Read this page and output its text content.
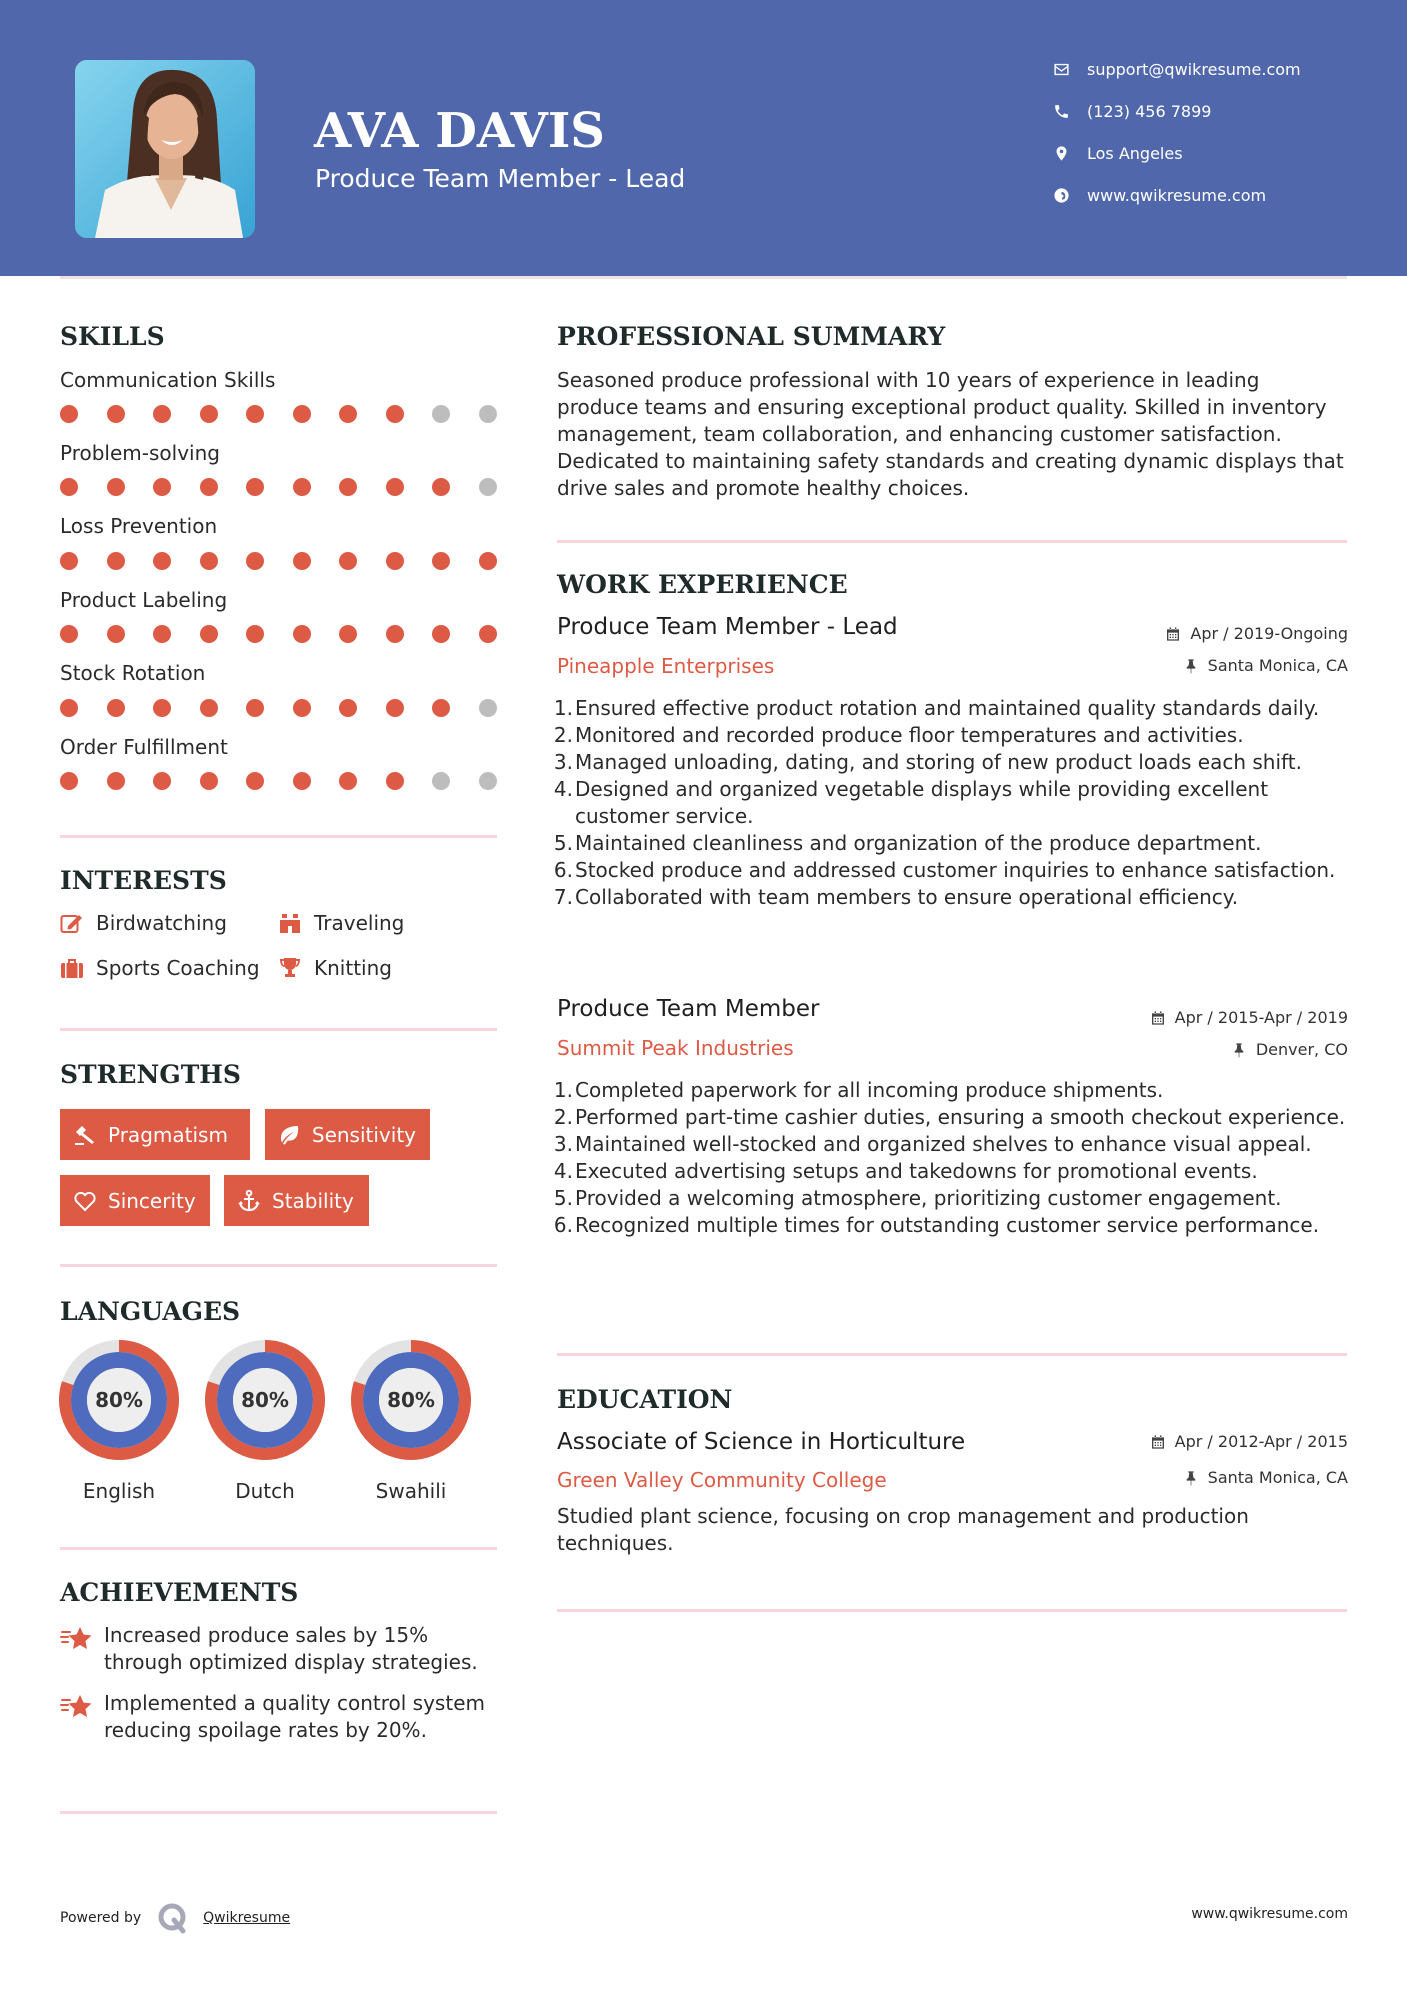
AVA DAVIS
Produce Team Member - Lead
support@qwikresume.com
(123) 456 7899
Los Angeles
www.qwikresume.com
SKILLS
Communication Skills
Problem-solving
Loss Prevention
Product Labeling
Stock Rotation
Order Fulfillment
INTERESTS
Birdwatching	Traveling
Sports Coaching	Knitting
STRENGTHS
Pragmatism	Sensitivity
Sincerity	Stability
LANGUAGES
80%
English
80%
Dutch
80%
Swahili
ACHIEVEMENTS
Increased produce sales by 15% through optimized display strategies.
Implemented a quality control system reducing spoilage rates by 20%.
PROFESSIONAL SUMMARY
Seasoned produce professional with 10 years of experience in leading produce teams and ensuring exceptional product quality. Skilled in inventory management, team collaboration, and enhancing customer satisfaction. Dedicated to maintaining safety standards and creating dynamic displays that drive sales and promote healthy choices.
WORK EXPERIENCE
Produce Team Member - Lead	Apr / 2019-Ongoing
Pineapple Enterprises	Santa Monica, CA
1. Ensured effective product rotation and maintained quality standards daily.
2. Monitored and recorded produce floor temperatures and activities.
3. Managed unloading, dating, and storing of new product loads each shift.
4. Designed and organized vegetable displays while providing excellent customer service.
5. Maintained cleanliness and organization of the produce department.
6. Stocked produce and addressed customer inquiries to enhance satisfaction.
7. Collaborated with team members to ensure operational efficiency.
Produce Team Member	Apr / 2015-Apr / 2019
Summit Peak Industries	Denver, CO
1. Completed paperwork for all incoming produce shipments.
2. Performed part-time cashier duties, ensuring a smooth checkout experience.
3. Maintained well-stocked and organized shelves to enhance visual appeal.
4. Executed advertising setups and takedowns for promotional events.
5. Provided a welcoming atmosphere, prioritizing customer engagement.
6. Recognized multiple times for outstanding customer service performance.
EDUCATION
Associate of Science in Horticulture	Apr / 2012-Apr / 2015
Green Valley Community College	Santa Monica, CA
Studied plant science, focusing on crop management and production techniques.
Powered by	Qwikresume	www.qwikresume.com
